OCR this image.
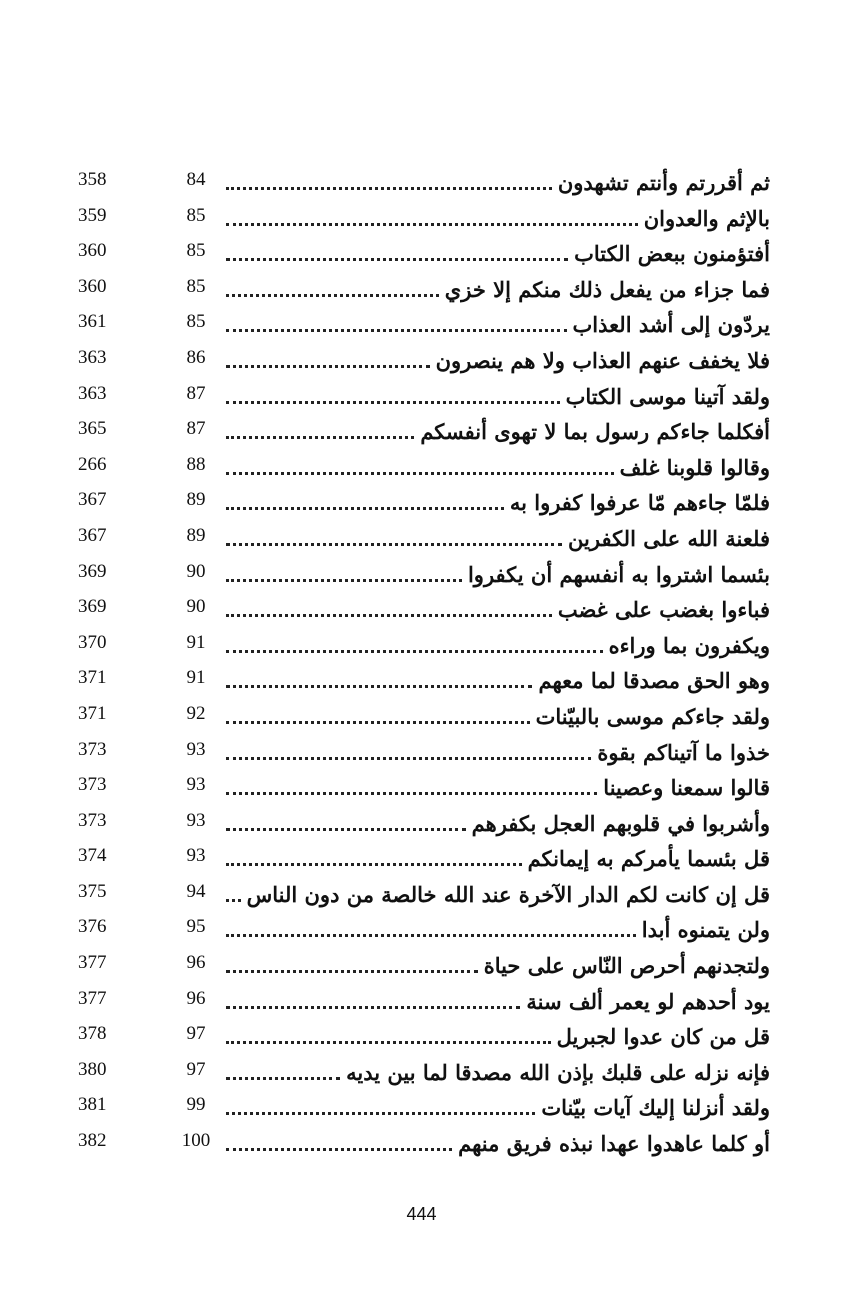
358	84	ثم أقررتم وأنتم تشهدون
359	85	بالإثم والعدوان
360	85	أفتؤمنون ببعض الكتاب
360	85	فما جزاء من يفعل ذلك منكم إلا خزي
361	85	يردّون إلى أشد العذاب
363	86	فلا يخفف عنهم العذاب ولا هم ينصرون
363	87	ولقد آتينا موسى الكتاب
365	87	أفكلما جاءكم رسول بما لا تهوى أنفسكم
266	88	وقالوا قلوبنا غلف
367	89	فلمّا جاءهم مّا عرفوا كفروا به
367	89	فلعنة الله على الكفرين
369	90	بئسما اشتروا به أنفسهم أن يكفروا
369	90	فباءوا بغضب على غضب
370	91	ويكفرون بما وراءه
371	91	وهو الحق مصدقا لما معهم
371	92	ولقد جاءكم موسى بالبيّنات
373	93	خذوا ما آتيناكم بقوة
373	93	قالوا سمعنا وعصينا
373	93	وأشربوا في قلوبهم العجل بكفرهم
374	93	قل بئسما يأمركم به إيمانكم
375	94	قل إن كانت لكم الدار الآخرة عند الله خالصة من دون الناس
376	95	ولن يتمنوه أبدا
377	96	ولتجدنهم أحرص النّاس على حياة
377	96	يود أحدهم لو يعمر ألف سنة
378	97	قل من كان عدوا لجبريل
380	97	فإنه نزله على قلبك بإذن الله مصدقا لما بين يديه
381	99	ولقد أنزلنا إليك آيات بيّنات
382	100	أو كلما عاهدوا عهدا نبذه فريق منهم
444
